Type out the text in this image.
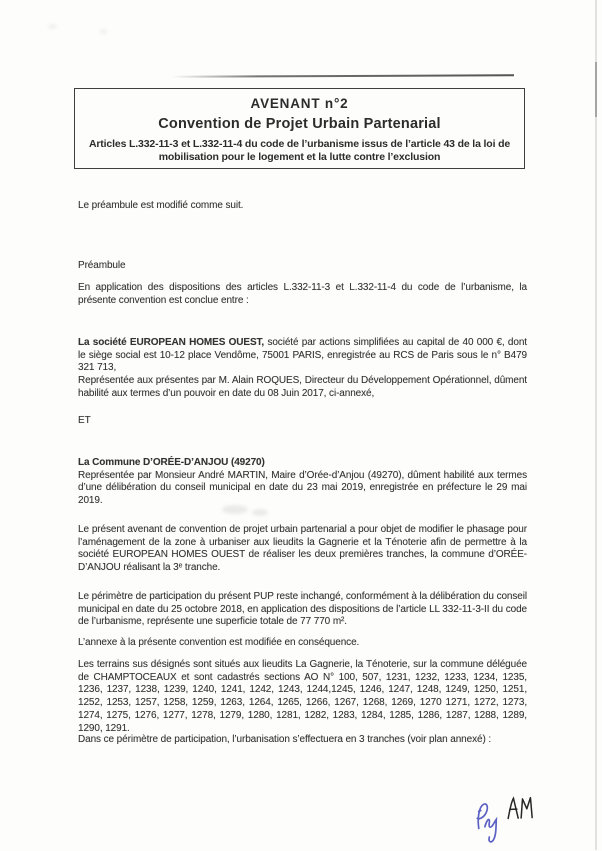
AVENANT n°2
Convention de Projet Urbain Partenarial
Articles L.332-11-3 et L.332-11-4 du code de l’urbanisme issus de l’article 43 de la loi de mobilisation pour le logement et la lutte contre l’exclusion

Le préambule est modifié comme suit.

Préambule

En application des dispositions des articles L.332-11-3 et L.332-11-4 du code de l’urbanisme, la présente convention est conclue entre :

La société EUROPEAN HOMES OUEST, société par actions simplifiées au capital de 40 000 €, dont le siège social est 10-12 place Vendôme, 75001 PARIS, enregistrée au RCS de Paris sous le n° B479 321 713,
Représentée aux présentes par M. Alain ROQUES, Directeur du Développement Opérationnel, dûment habilité aux termes d’un pouvoir en date du 08 Juin 2017, ci-annexé,

ET

La Commune D’ORÉE-D’ANJOU (49270)
Représentée par Monsieur André MARTIN, Maire d’Orée-d’Anjou (49270), dûment habilité aux termes d’une délibération du conseil municipal en date du 23 mai 2019, enregistrée en préfecture le 29 mai 2019.

Le présent avenant de convention de projet urbain partenarial a pour objet de modifier le phasage pour l’aménagement de la zone à urbaniser aux lieudits la Gagnerie et la Ténoterie afin de permettre à la société EUROPEAN HOMES OUEST de réaliser les deux premières tranches, la commune d’ORÉE-D’ANJOU réalisant la 3ᵉ tranche.

Le périmètre de participation du présent PUP reste inchangé, conformément à la délibération du conseil municipal en date du 25 octobre 2018, en application des dispositions de l’article LL 332-11-3-II du code de l’urbanisme, représente une superficie totale de 77 770 m².

L’annexe à la présente convention est modifiée en conséquence.

Les terrains sus désignés sont situés aux lieudits La Gagnerie, la Ténoterie, sur la commune déléguée de CHAMPTOCEAUX et sont cadastrés sections AO N° 100, 507, 1231, 1232, 1233, 1234, 1235, 1236, 1237, 1238, 1239, 1240, 1241, 1242, 1243, 1244,1245, 1246, 1247, 1248, 1249, 1250, 1251, 1252, 1253, 1257, 1258, 1259, 1263, 1264, 1265, 1266, 1267, 1268, 1269, 1270 1271, 1272, 1273, 1274, 1275, 1276, 1277, 1278, 1279, 1280, 1281, 1282, 1283, 1284, 1285, 1286, 1287, 1288, 1289, 1290, 1291.

Dans ce périmètre de participation, l’urbanisation s’effectuera en 3 tranches (voir plan annexé) :
